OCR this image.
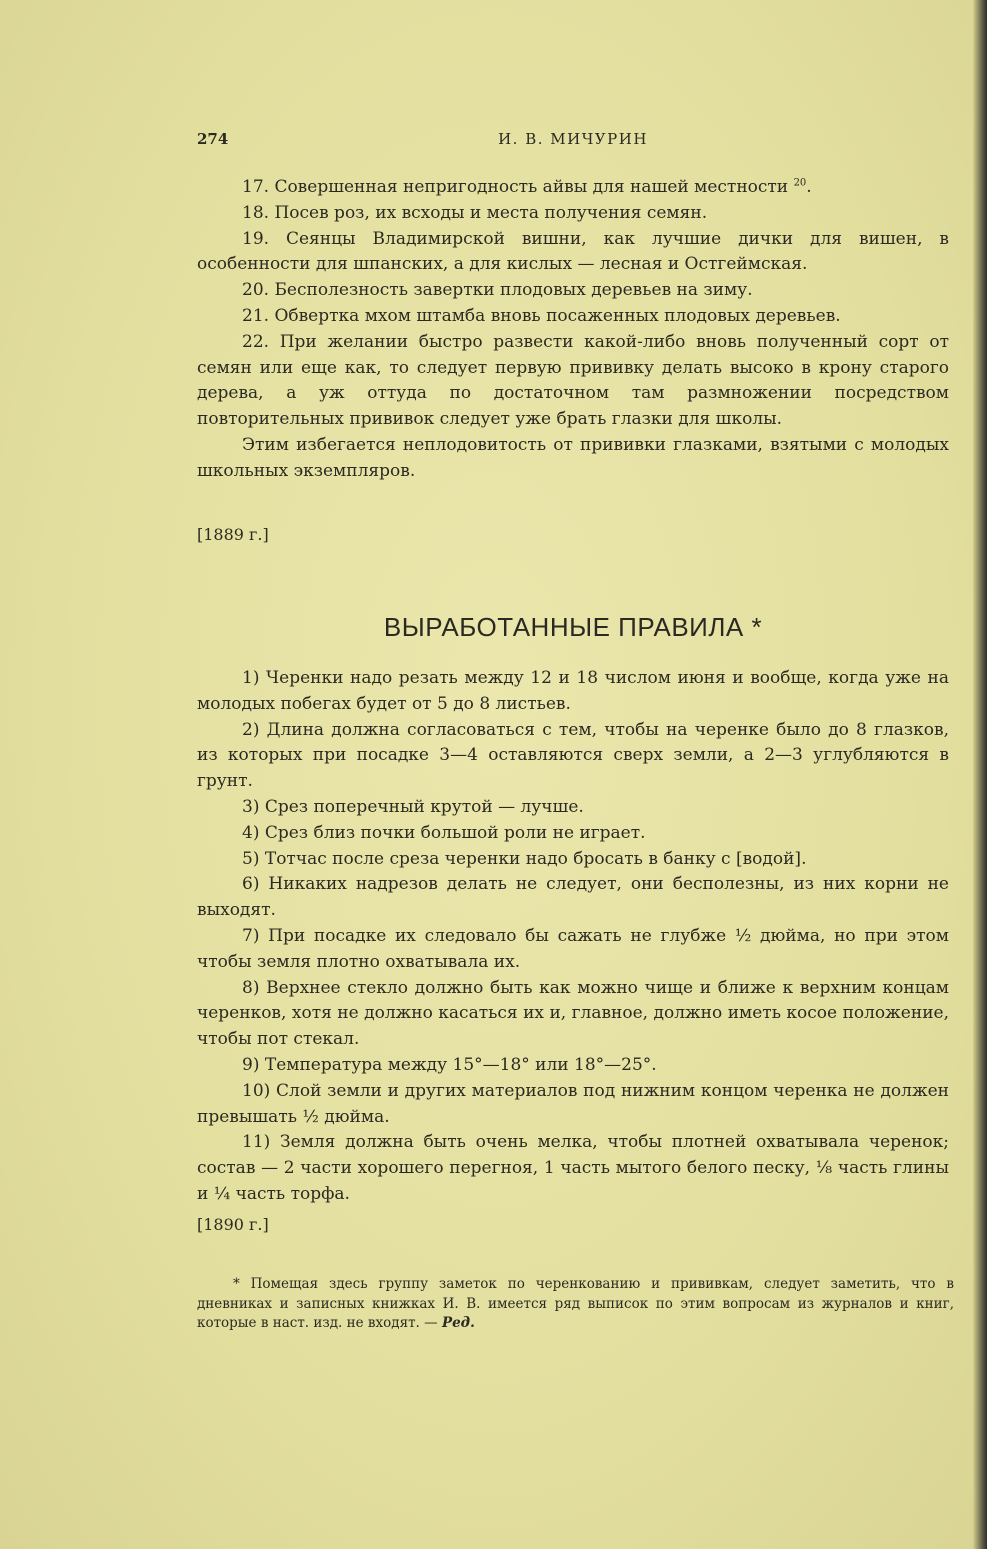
274	И. В. МИЧУРИН

17. Совершенная непригодность айвы для нашей местности $^{20}$.

18. Посев роз, их всходы и места получения семян.

19. Сеянцы Владимирской вишни, как лучшие дички для вишен, в особенности для шпанских, а для кислых — лесная и Остгеймская.

20. Бесполезность завертки плодовых деревьев на зиму.

21. Обвертка мхом штамба вновь посаженных плодовых деревьев.

22. При желании быстро развести какой-либо вновь полученный сорт от семян или еще как, то следует первую прививку делать высоко в крону старого дерева, а уж оттуда по достаточном там размножении посредством повторительных прививок следует уже брать глазки для школы.

Этим избегается неплодовитость от прививки глазками, взятыми с молодых школьных экземпляров.

[1889 г.]

ВЫРАБОТАННЫЕ ПРАВИЛА *

1) Черенки надо резать между 12 и 18 числом июня и вообще, когда уже на молодых побегах будет от 5 до 8 листьев.

2) Длина должна согласоваться с тем, чтобы на черенке было до 8 глазков, из которых при посадке 3—4 оставляются сверх земли, а 2—3 углубляются в грунт.

3) Срез поперечный крутой — лучше.

4) Срез близ почки большой роли не играет.

5) Тотчас после среза черенки надо бросать в банку с [водой].

6) Никаких надрезов делать не следует, они бесполезны, из них корни не выходят.

7) При посадке их следовало бы сажать не глубже ½ дюйма, но при этом чтобы земля плотно охватывала их.

8) Верхнее стекло должно быть как можно чище и ближе к верхним концам черенков, хотя не должно касаться их и, главное, должно иметь косое положение, чтобы пот стекал.

9) Температура между 15°—18° или 18°—25°.

10) Слой земли и других материалов под нижним концом черенка не должен превышать ½ дюйма.

11) Земля должна быть очень мелка, чтобы плотней охватывала черенок; состав — 2 части хорошего перегноя, 1 часть мытого белого песку, ⅛ часть глины и ¼ часть торфа.

[1890 г.]

* Помещая здесь группу заметок по черенкованию и прививкам, следует заметить, что в дневниках и записных книжках И. В. имеется ряд выписок по этим вопросам из журналов и книг, которые в наст. изд. не входят. — Ред.
